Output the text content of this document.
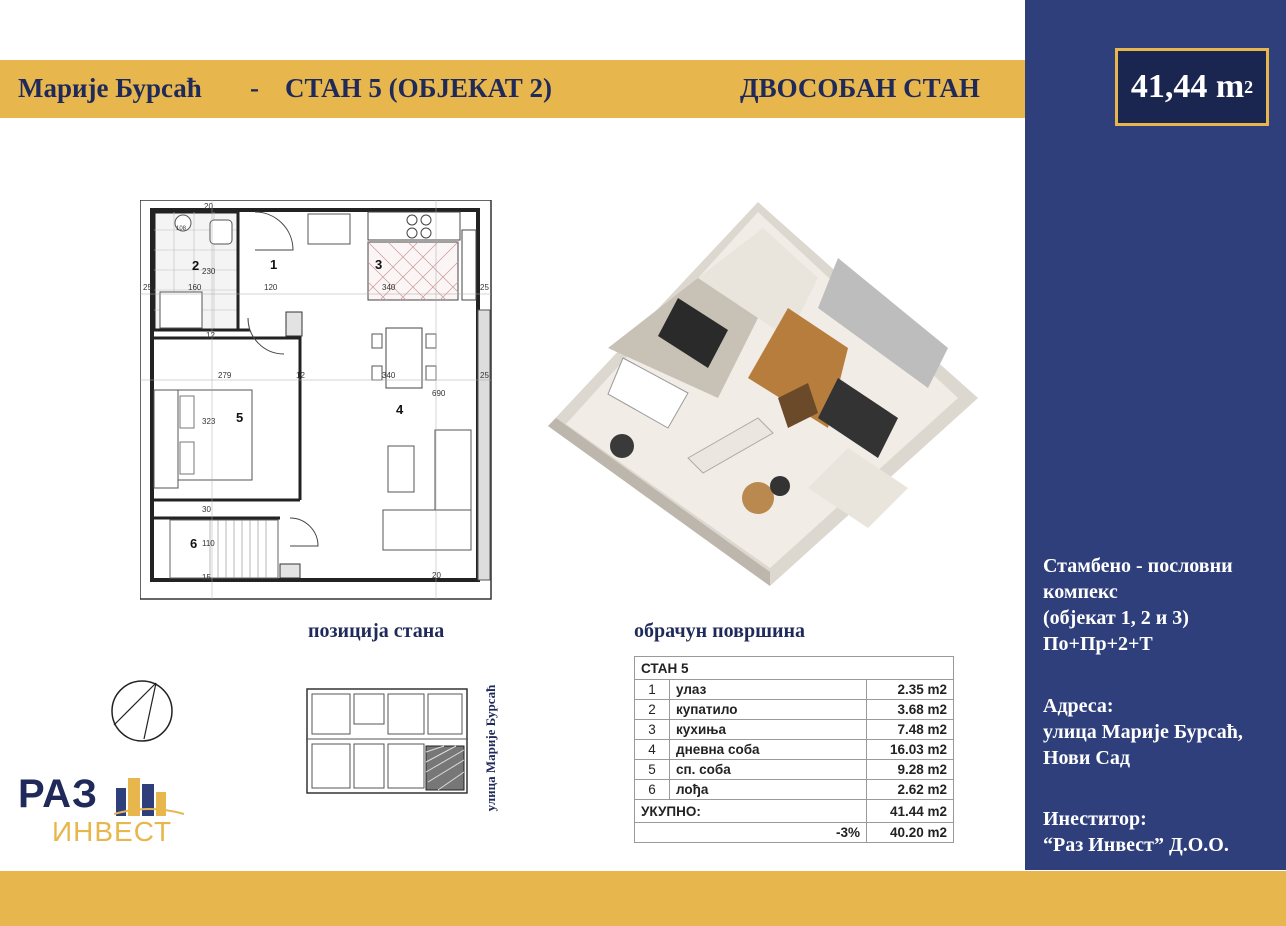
Марије Бурсаћ - СТАН 5 (ОБЈЕКАТ 2)	ДВОСОБАН СТАН	41,44 m 2
Стамбено - пословни
компекс
(објекат 1, 2 и 3)
По+Пр+2+Т
Адреса:
улица Марије Бурсаћ,
Нови Сад
Инеститор:
“Раз Инвест” Д.О.О.
2	1	3
4
5
6
20
25	160	120	340
230
25
12
279	12	340	25
690
323
30
110
15	20
108
позиција стана	обрачун површина
улица Марије Бурсаћ
СТАН 5		
1	улаз	2.35 m2
2	купатило	3.68 m2
3	кухиња	7.48 m2
4	дневна соба	16.03 m2
5	сп. соба	9.28 m2
6	лођа	2.62 m2
УКУПНО:		41.44 m2
-3%		40.20 m2
РАЗ
ИНВЕСТ
